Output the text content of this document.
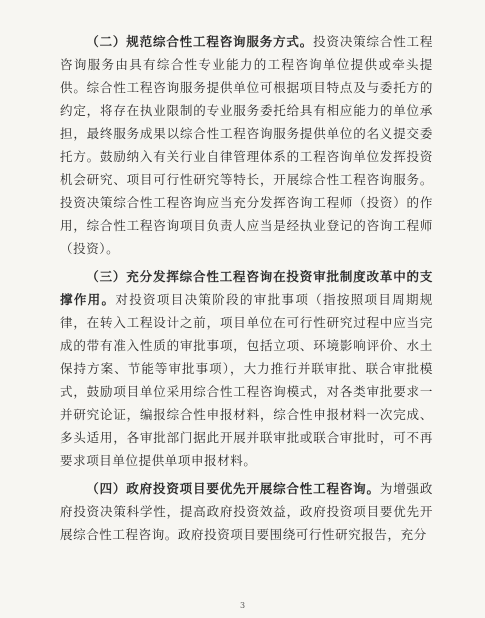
（二）规范综合性工程咨询服务方式。投资决策综合性工程咨询服务由具有综合性专业能力的工程咨询单位提供或牵头提供。综合性工程咨询服务提供单位可根据项目特点及与委托方的约定，将存在执业限制的专业服务委托给具有相应能力的单位承担，最终服务成果以综合性工程咨询服务提供单位的名义提交委托方。鼓励纳入有关行业自律管理体系的工程咨询单位发挥投资机会研究、项目可行性研究等特长，开展综合性工程咨询服务。投资决策综合性工程咨询应当充分发挥咨询工程师（投资）的作用，综合性工程咨询项目负责人应当是经执业登记的咨询工程师（投资）。

（三）充分发挥综合性工程咨询在投资审批制度改革中的支撑作用。对投资项目决策阶段的审批事项（指按照项目周期规律，在转入工程设计之前，项目单位在可行性研究过程中应当完成的带有准入性质的审批事项，包括立项、环境影响评价、水土保持方案、节能等审批事项），大力推行并联审批、联合审批模式，鼓励项目单位采用综合性工程咨询模式，对各类审批要求一并研究论证，编报综合性申报材料，综合性申报材料一次完成、多头适用，各审批部门据此开展并联审批或联合审批时，可不再要求项目单位提供单项申报材料。

（四）政府投资项目要优先开展综合性工程咨询。为增强政府投资决策科学性，提高政府投资效益，政府投资项目要优先开展综合性工程咨询。政府投资项目要围绕可行性研究报告，充分

3
